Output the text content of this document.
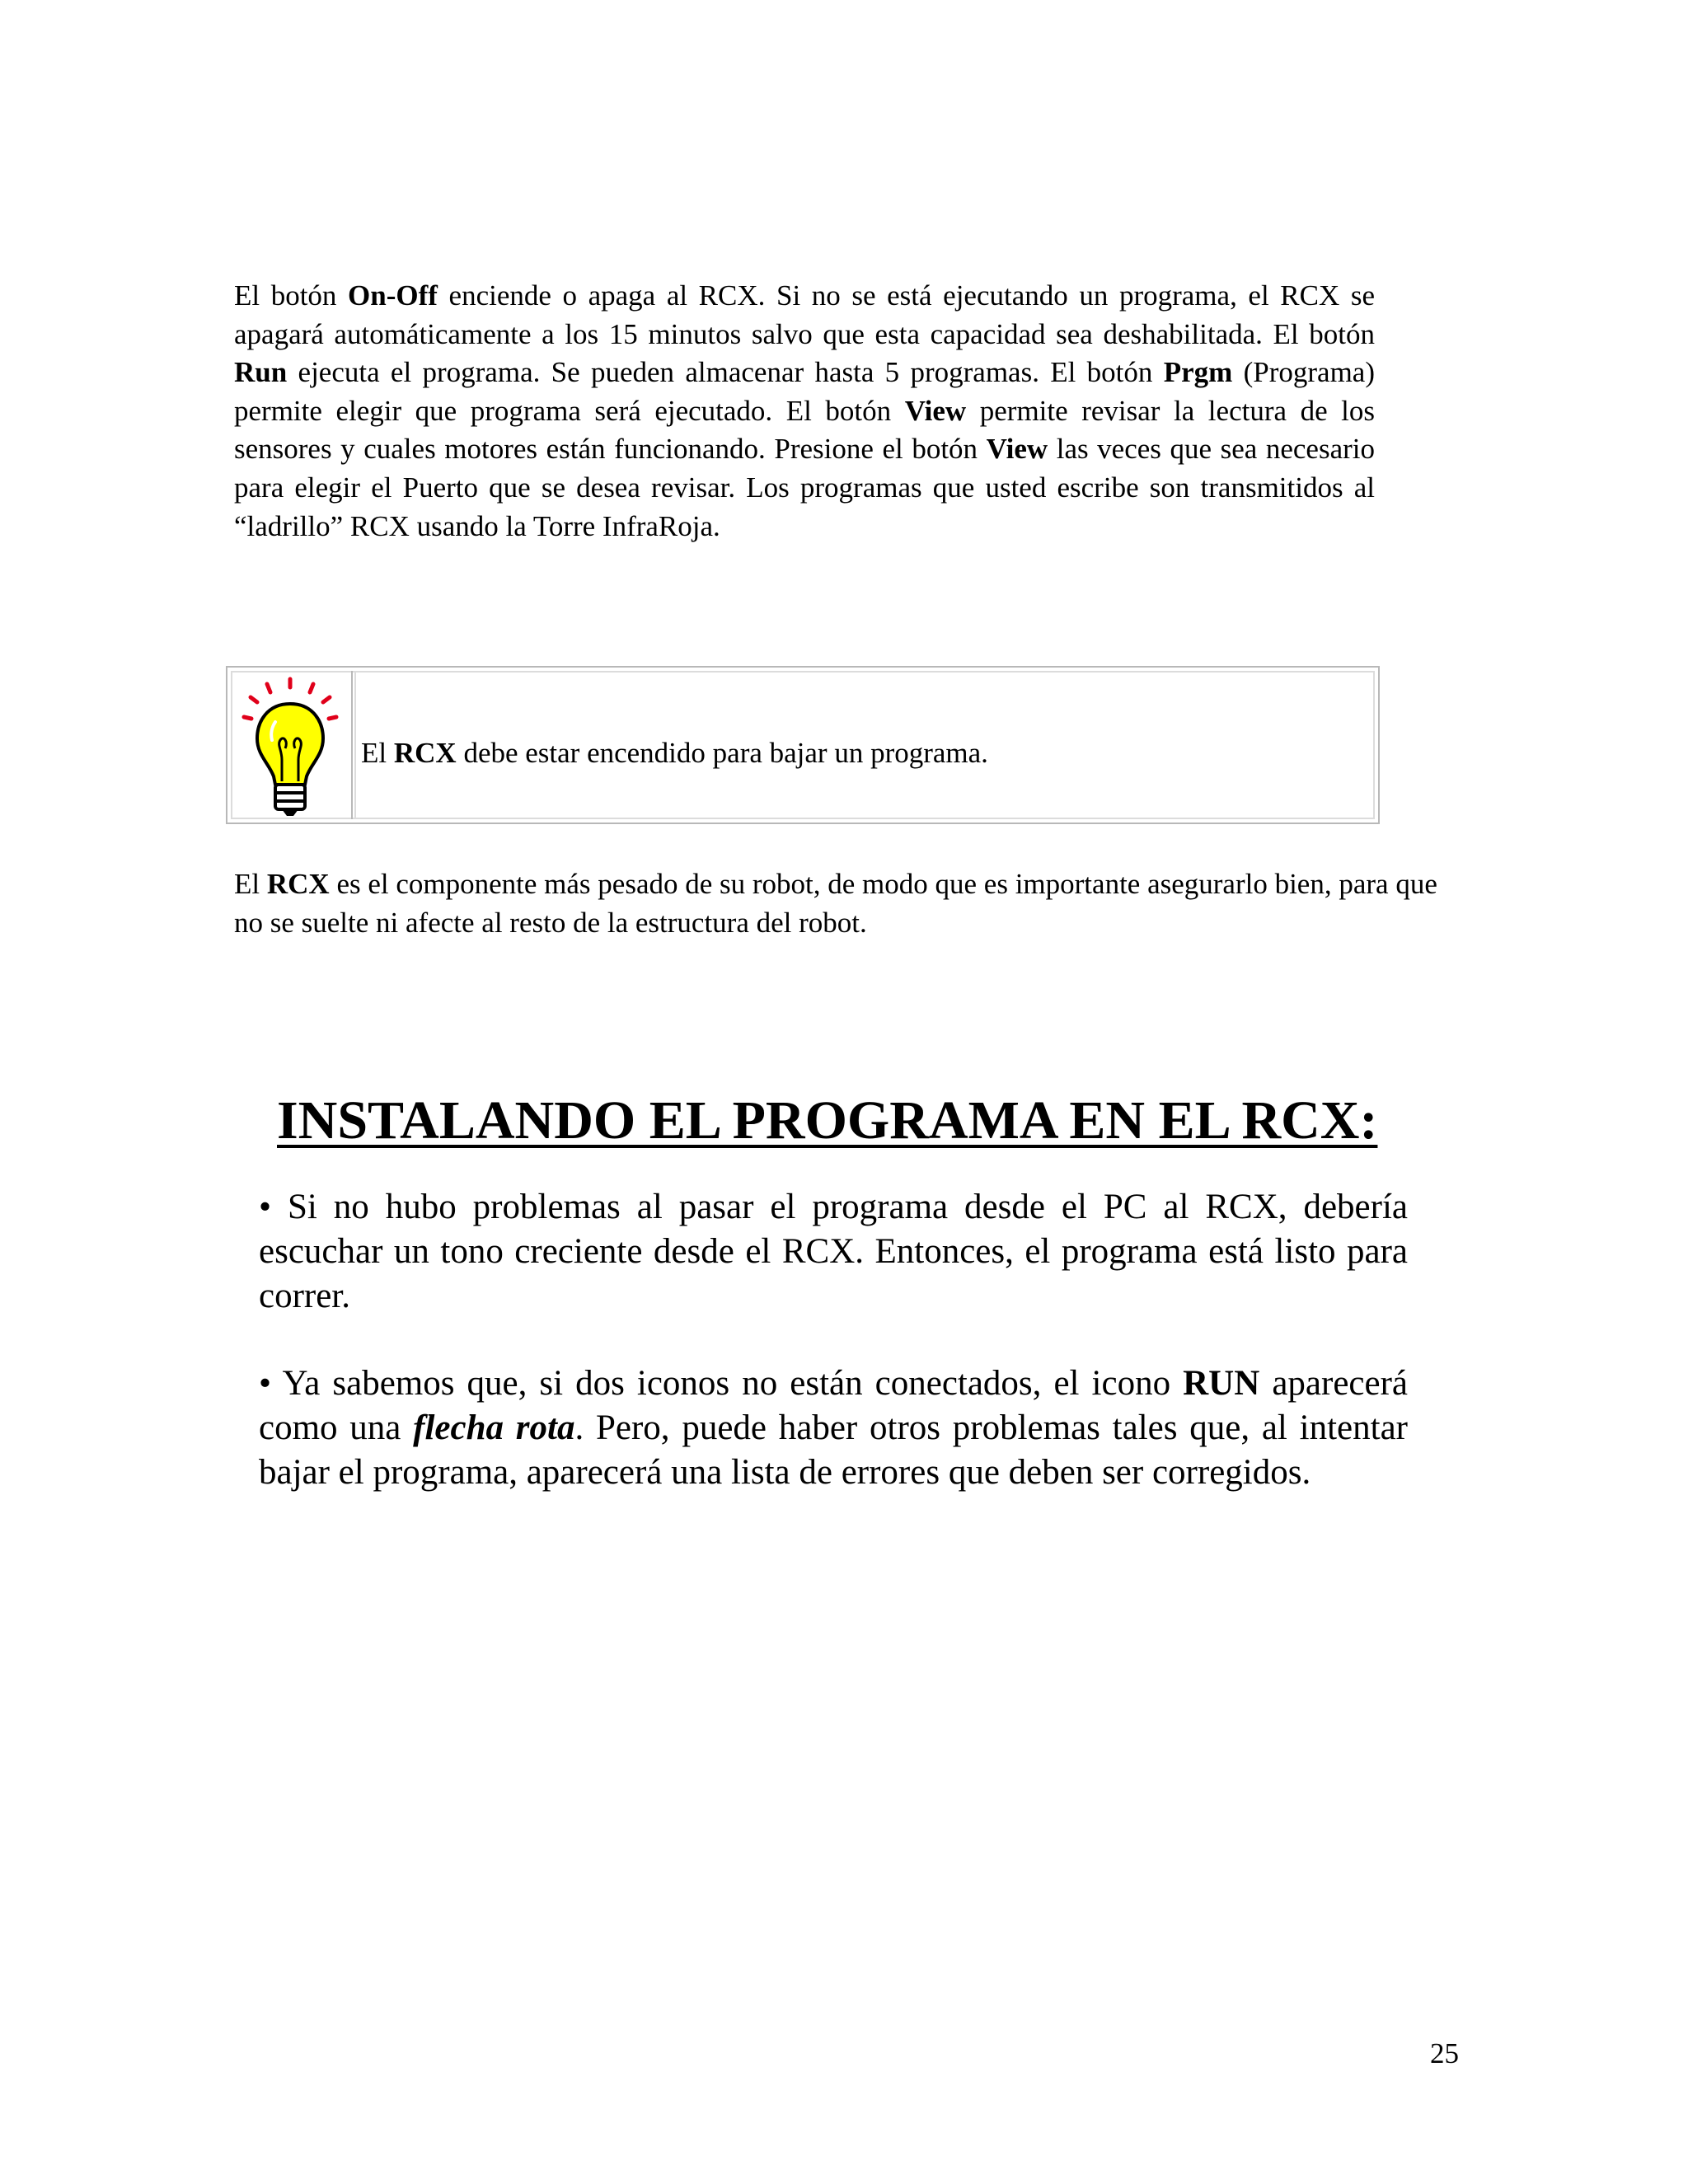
El botón On-Off enciende o apaga al RCX. Si no se está ejecutando un programa, el RCX se apagará automáticamente a los 15 minutos salvo que esta capacidad sea deshabilitada. El botón Run ejecuta el programa. Se pueden almacenar hasta 5 programas. El botón Prgm (Programa) permite elegir que programa será ejecutado. El botón View permite revisar la lectura de los sensores y cuales motores están funcionando. Presione el botón View las veces que sea necesario para elegir el Puerto que se desea revisar. Los programas que usted escribe son transmitidos al “ladrillo” RCX usando la Torre InfraRoja.
El RCX debe estar encendido para bajar un programa.
El RCX es el componente más pesado de su robot, de modo que es importante asegurarlo bien, para que no se suelte ni afecte al resto de la estructura del robot.
INSTALANDO EL PROGRAMA EN EL RCX:
• Si no hubo problemas al pasar el programa desde el PC al RCX, debería escuchar un tono creciente desde el RCX. Entonces, el programa está listo para correr.
• Ya sabemos que, si dos iconos no están conectados, el icono RUN aparecerá como una flecha rota. Pero, puede haber otros problemas tales que, al intentar bajar el programa, aparecerá una lista de errores que deben ser corregidos.
25
